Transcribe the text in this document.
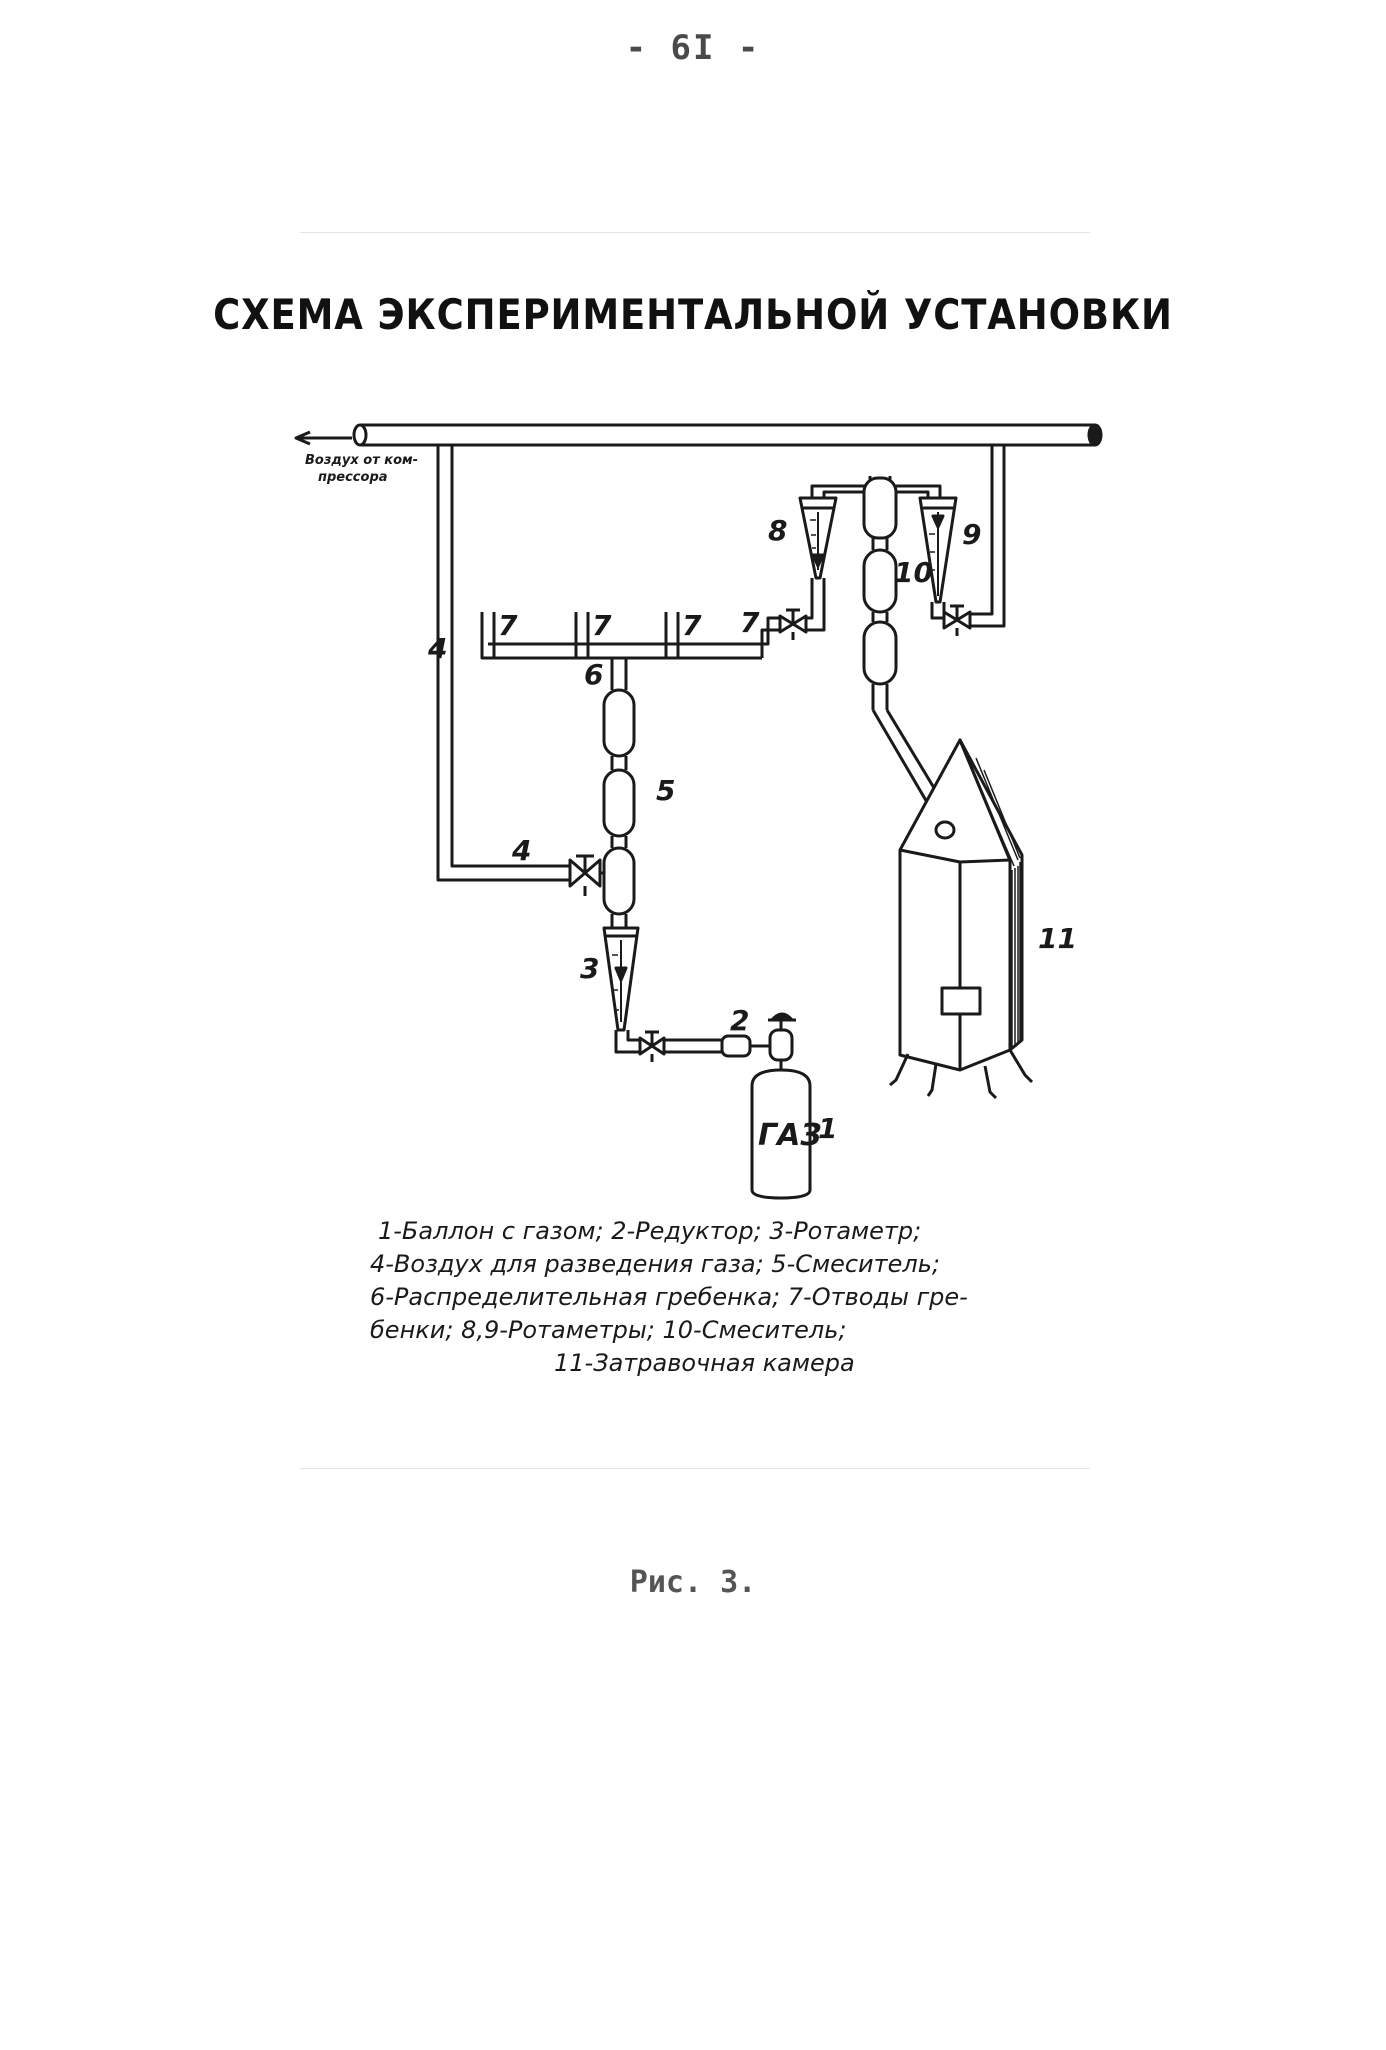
- 6I -
СХЕМА ЭКСПЕРИМЕНТАЛЬНОЙ УСТАНОВКИ
Воздух от ком-
прессора
ГАЗ
1
2
3
4
4
5
6
7	7	7 7
8	9
10
11
1-Баллон с газом; 2-Редуктор; 3-Ротаметр;
4-Воздух для разведения газа; 5-Смеситель;
6-Распределительная гребенка; 7-Отводы гре-
бенки; 8,9-Ротаметры; 10-Смеситель;
11-Затравочная камера
Рис. 3.
